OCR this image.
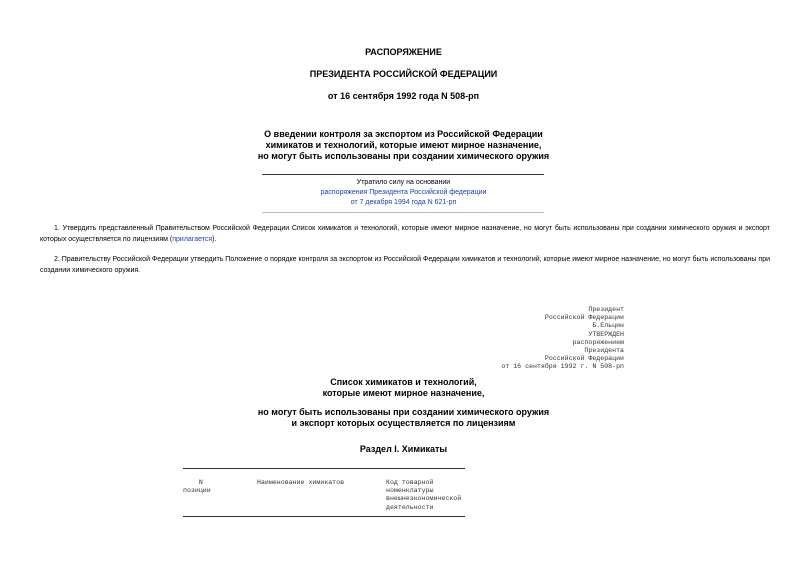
РАСПОРЯЖЕНИЕ
ПРЕЗИДЕНТА РОССИЙСКОЙ ФЕДЕРАЦИИ
от 16 сентября 1992 года N 508-рп
О введении контроля за экспортом из Российской Федерации
химикатов и технологий, которые имеют мирное назначение,
но могут быть использованы при создании химического оружия
Утратило силу на основании
распоряжения Президента Российской федерации
от 7 декабря 1994 года N 621-рп
1. Утвердить представленный Правительством Российской Федерации Список химикатов и технологий, которые имеют мирное назначение, но могут быть использованы при создании химического оружия и экспорт которых осуществляется по лицензиям (прилагается).
2. Правительству Российской Федерации утвердить Положение о порядке контроля за экспортом из Российской Федерации химикатов и технологий, которые имеют мирное назначение, но могут быть использованы при создании химического оружия.
Президент
Российской Федерации
Б.Ельцин
УТВЕРЖДЕН
распоряжением
Президента
Российской Федерации
от 16 сентября 1992 г. N 508-рп
Список химикатов и технологий,
которые имеют мирное назначение,
но могут быть использованы при создании химического оружия
и экспорт которых осуществляется по лицензиям
Раздел I. Химикаты
N
позиции
Наименование химикатов	Код товарной
номенклатуры
внешнеэкономической
деятельности
